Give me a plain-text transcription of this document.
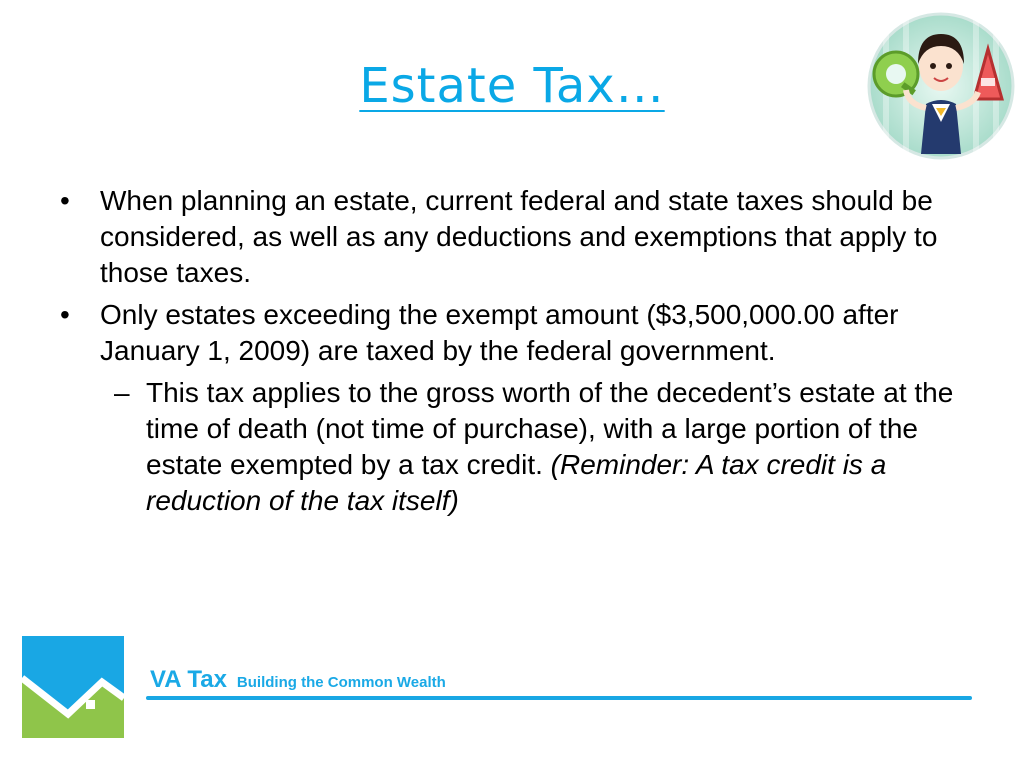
Estate Tax…
• When planning an estate, current federal and state taxes should be considered, as well as any deductions and exemptions that apply to those taxes.
• Only estates exceeding the exempt amount ($3,500,000.00 after January 1, 2009) are taxed by the federal government.
– This tax applies to the gross worth of the decedent’s estate at the time of death (not time of purchase), with a large portion of the estate exempted by a tax credit. (Reminder: A tax credit is a reduction of the tax itself)
VA Tax Building the Common Wealth
